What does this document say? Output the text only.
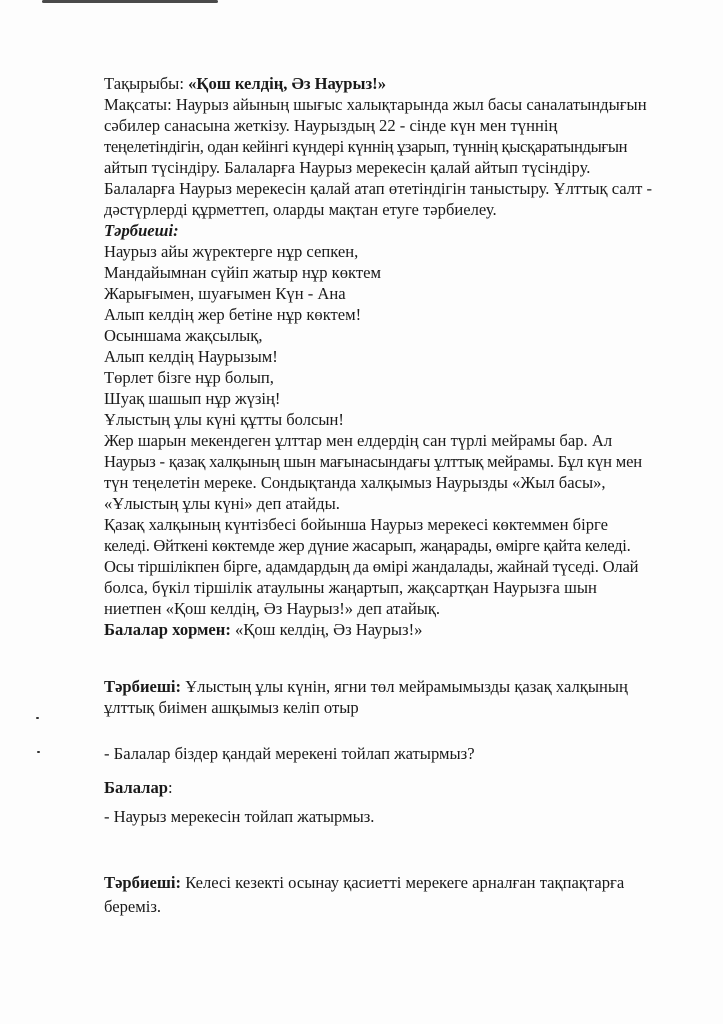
Тақырыбы: «Қош келдің, Әз Наурыз!»
Мақсаты: Наурыз айының шығыс халықтарында жыл басы саналатындығын
сәбилер санасына жеткізу. Наурыздың 22 - сінде күн мен түннің
теңелетіндігін, одан кейінгі күндері күннің ұзарып, түннің қысқаратындығын
айтып түсіндіру. Балаларға Наурыз мерекесін қалай айтып түсіндіру.
Балаларға Наурыз мерекесін қалай атап өтетіндігін таныстыру. Ұлттық салт -
дәстүрлерді құрметтеп, оларды мақтан етуге тәрбиелеу.
Тәрбиеші:
Наурыз айы жүректерге нұр сепкен,
Мандайымнан сүйіп жатыр нұр көктем
Жарығымен, шуағымен Күн - Ана
Алып келдің жер бетіне нұр көктем!
Осыншама жақсылық,
Алып келдің Наурызым!
Төрлет бізге нұр болып,
Шуақ шашып нұр жүзің!
Ұлыстың ұлы күні құтты болсын!
Жер шарын мекендеген ұлттар мен елдердің сан түрлі мейрамы бар. Ал
Наурыз - қазақ халқының шын мағынасындағы ұлттық мейрамы. Бұл күн мен
түн теңелетін мереке. Сондықтанда халқымыз Наурызды «Жыл басы»,
«Ұлыстың ұлы күні» деп атайды.
Қазақ халқының күнтізбесі бойынша Наурыз мерекесі көктеммен бірге
келеді. Өйткені көктемде жер дүние жасарып, жаңарады, өмірге қайта келеді.
Осы тіршілікпен бірге, адамдардың да өмірі жандалады, жайнай түседі. Олай
болса, бүкіл тіршілік атаулыны жаңартып, жақсартқан Наурызға шын
ниетпен «Қош келдің, Әз Наурыз!» деп атайық.
Балалар хормен: «Қош келдің, Әз Наурыз!»
Тәрбиеші: Ұлыстың ұлы күнін, ягни төл мейрамымызды қазақ халқының
ұлттық биімен ашқымыз келіп отыр
- Балалар біздер қандай мерекені тойлап жатырмыз?
Балалар:
- Наурыз мерекесін тойлап жатырмыз.
Тәрбиеші: Келесі кезекті осынау қасиетті мерекеге арналған тақпақтарға
береміз.
